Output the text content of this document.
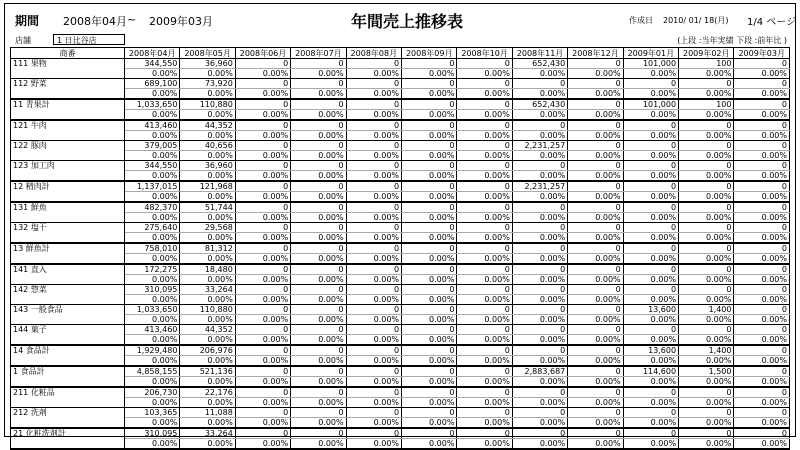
期間 2008年04月 ~ 2009年03月	年間売上推移表	作成日 2010/ 01/ 18(月) 1/4 ページ
店舗	1 日比谷店	(上段 :当年実績 下段 :前年比 )
商番	2008年04月	2008年05月	2008年06月	2008年07月	2008年08月	2008年09月	2008年10月	2008年11月	2008年12月	2009年01月	2009年02月	2009年03月
111 果物	344,550	36,960	0	0	0	0	0	652,430	0	101,000	100	0
	0.00%	0.00%	0.00%	0.00%	0.00%	0.00%	0.00%	0.00%	0.00%	0.00%	0.00%	0.00%
112 野菜	689,100	73,920	0	0	0	0	0	0	0	0	0	0
	0.00%	0.00%	0.00%	0.00%	0.00%	0.00%	0.00%	0.00%	0.00%	0.00%	0.00%	0.00%
11 青果計	1,033,650	110,880	0	0	0	0	0	652,430	0	101,000	100	0
	0.00%	0.00%	0.00%	0.00%	0.00%	0.00%	0.00%	0.00%	0.00%	0.00%	0.00%	0.00%
121 牛肉	413,460	44,352	0	0	0	0	0	0	0	0	0	0
	0.00%	0.00%	0.00%	0.00%	0.00%	0.00%	0.00%	0.00%	0.00%	0.00%	0.00%	0.00%
122 豚肉	379,005	40,656	0	0	0	0	0	2,231,257	0	0	0	0
	0.00%	0.00%	0.00%	0.00%	0.00%	0.00%	0.00%	0.00%	0.00%	0.00%	0.00%	0.00%
123 加工肉	344,550	36,960	0	0	0	0	0	0	0	0	0	0
	0.00%	0.00%	0.00%	0.00%	0.00%	0.00%	0.00%	0.00%	0.00%	0.00%	0.00%	0.00%
12 精肉計	1,137,015	121,968	0	0	0	0	0	2,231,257	0	0	0	0
	0.00%	0.00%	0.00%	0.00%	0.00%	0.00%	0.00%	0.00%	0.00%	0.00%	0.00%	0.00%
131 鮮魚	482,370	51,744	0	0	0	0	0	0	0	0	0	0
	0.00%	0.00%	0.00%	0.00%	0.00%	0.00%	0.00%	0.00%	0.00%	0.00%	0.00%	0.00%
132 塩干	275,640	29,568	0	0	0	0	0	0	0	0	0	0
	0.00%	0.00%	0.00%	0.00%	0.00%	0.00%	0.00%	0.00%	0.00%	0.00%	0.00%	0.00%
13 鮮魚計	758,010	81,312	0	0	0	0	0	0	0	0	0	0
	0.00%	0.00%	0.00%	0.00%	0.00%	0.00%	0.00%	0.00%	0.00%	0.00%	0.00%	0.00%
141 直入	172,275	18,480	0	0	0	0	0	0	0	0	0	0
	0.00%	0.00%	0.00%	0.00%	0.00%	0.00%	0.00%	0.00%	0.00%	0.00%	0.00%	0.00%
142 惣菜	310,095	33,264	0	0	0	0	0	0	0	0	0	0
	0.00%	0.00%	0.00%	0.00%	0.00%	0.00%	0.00%	0.00%	0.00%	0.00%	0.00%	0.00%
143 一般食品	1,033,650	110,880	0	0	0	0	0	0	0	13,600	1,400	0
	0.00%	0.00%	0.00%	0.00%	0.00%	0.00%	0.00%	0.00%	0.00%	0.00%	0.00%	0.00%
144 菓子	413,460	44,352	0	0	0	0	0	0	0	0	0	0
	0.00%	0.00%	0.00%	0.00%	0.00%	0.00%	0.00%	0.00%	0.00%	0.00%	0.00%	0.00%
14 食品計	1,929,480	206,976	0	0	0	0	0	0	0	13,600	1,400	0
	0.00%	0.00%	0.00%	0.00%	0.00%	0.00%	0.00%	0.00%	0.00%	0.00%	0.00%	0.00%
1 食品計	4,858,155	521,136	0	0	0	0	0	2,883,687	0	114,600	1,500	0
	0.00%	0.00%	0.00%	0.00%	0.00%	0.00%	0.00%	0.00%	0.00%	0.00%	0.00%	0.00%
211 化粧品	206,730	22,176	0	0	0	0	0	0	0	0	0	0
	0.00%	0.00%	0.00%	0.00%	0.00%	0.00%	0.00%	0.00%	0.00%	0.00%	0.00%	0.00%
212 洗剤	103,365	11,088	0	0	0	0	0	0	0	0	0	0
	0.00%	0.00%	0.00%	0.00%	0.00%	0.00%	0.00%	0.00%	0.00%	0.00%	0.00%	0.00%
21 化粧洗剤計	310,095	33,264	0	0	0	0	0	0	0	0	0	0
	0.00%	0.00%	0.00%	0.00%	0.00%	0.00%	0.00%	0.00%	0.00%	0.00%	0.00%	0.00%
